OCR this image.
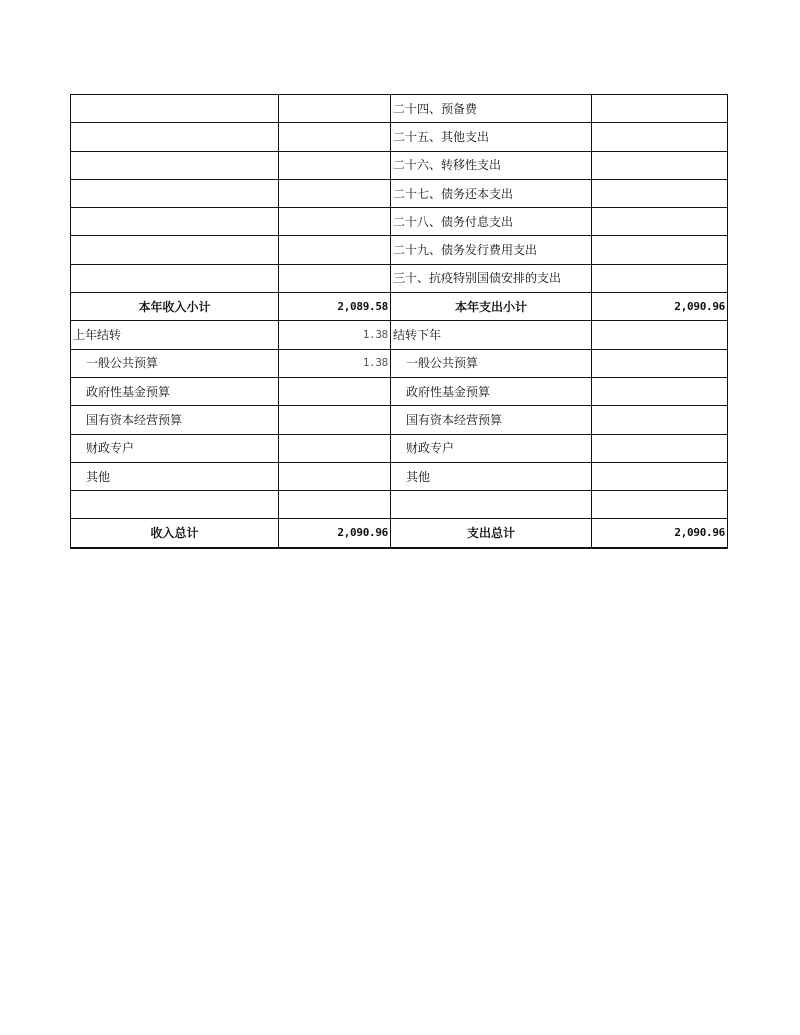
		二十四、预备费	
		二十五、其他支出	
		二十六、转移性支出	
		二十七、债务还本支出	
		二十八、债务付息支出	
		二十九、债务发行费用支出	
		三十、抗疫特别国债安排的支出	
本年收入小计	2,089.58	本年支出小计	2,090.96
上年结转	1.38	结转下年	
一般公共预算	1.38	一般公共预算	
政府性基金预算		政府性基金预算	
国有资本经营预算		国有资本经营预算	
财政专户		财政专户	
其他		其他	

收入总计	2,090.96	支出总计	2,090.96
